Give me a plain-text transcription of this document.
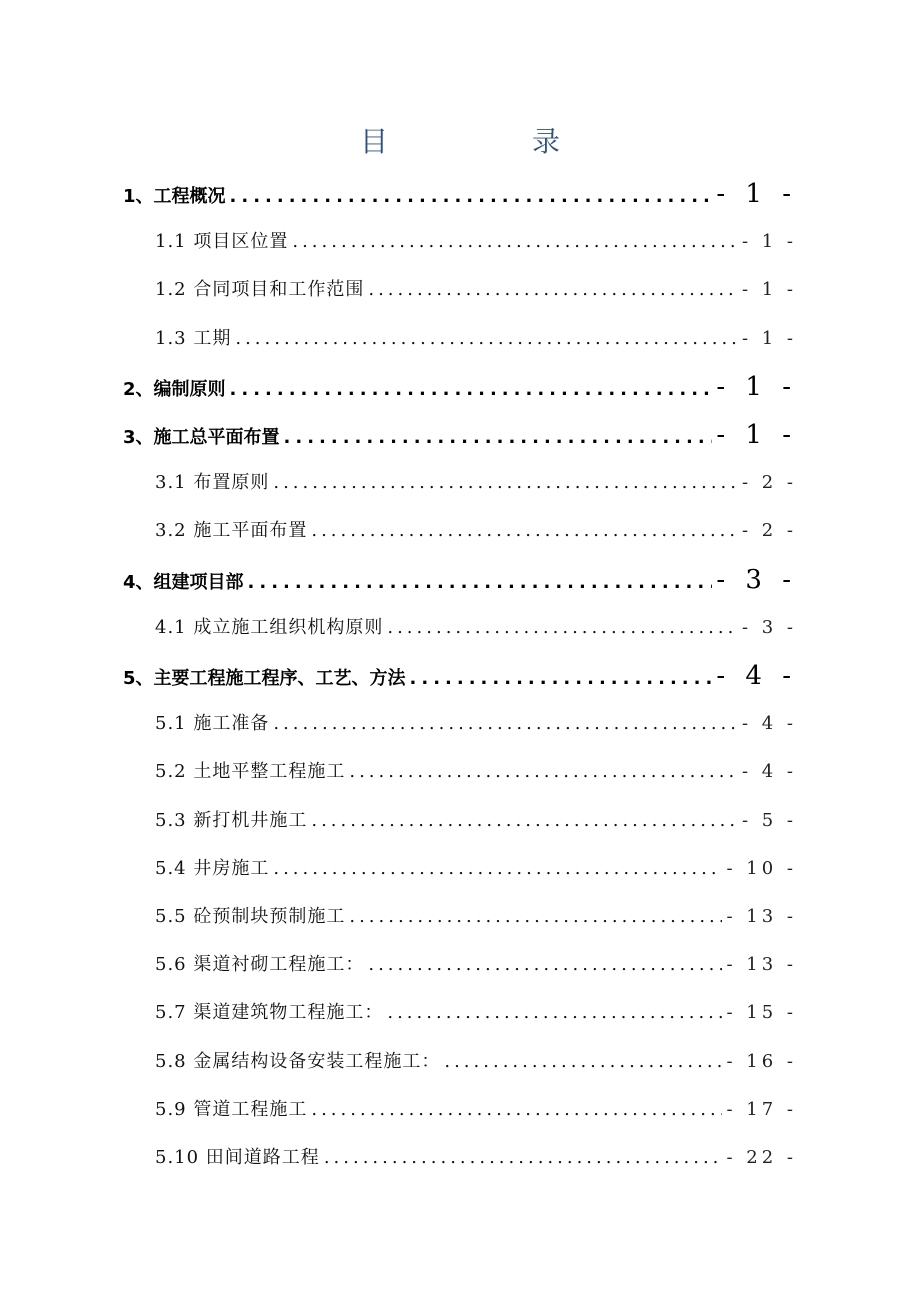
目　录
1、工程概况 .....	- 1 -
1.1 项目区位置 .....	- 1 -
1.2 合同项目和工作范围 .....	- 1 -
1.3 工期 .....	- 1 -
2、编制原则 .....	- 1 -
3、施工总平面布置 .....	- 1 -
3.1 布置原则 .....	- 2 -
3.2 施工平面布置 .....	- 2 -
4、组建项目部 .....	- 3 -
4.1 成立施工组织机构原则 .....	- 3 -
5、主要工程施工程序、工艺、方法 .....	- 4 -
5.1 施工准备 .....	- 4 -
5.2 土地平整工程施工 .....	- 4 -
5.3 新打机井施工 .....	- 5 -
5.4 井房施工 .....	- 10 -
5.5 砼预制块预制施工 .....	- 13 -
5.6 渠道衬砌工程施工： .....	- 13 -
5.7 渠道建筑物工程施工： .....	- 15 -
5.8 金属结构设备安装工程施工： .....	- 16 -
5.9 管道工程施工 .....	- 17 -
5.10 田间道路工程 .....	- 22 -
